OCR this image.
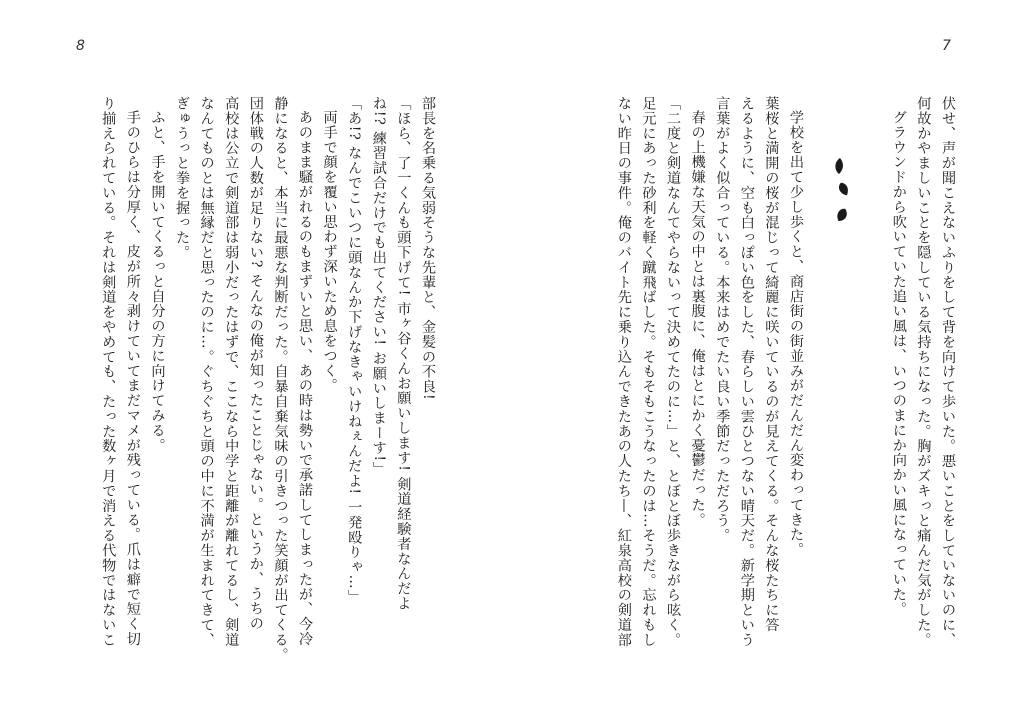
8	7

伏せ、声が聞こえないふりをして背を向けて歩いた。悪いことをしていないのに、

何故かやましいことを隠している気持ちになった。胸がズキっと痛んだ気がした。

グラウンドから吹いていた追い風は、いつのまにか向かい風になっていた。

学校を出て少し歩くと、商店街の街並みがだんだん変わってきた。

葉桜と満開の桜が混じって綺麗に咲いているのが見えてくる。そんな桜たちに答

えるように、空も白っぽい色をした、春らしい雲ひとつない晴天だ。新学期という

言葉がよく似合っている。本来はめでたい良い季節だっただろう。

春の上機嫌な天気の中とは裏腹に、俺はとにかく憂鬱だった。

「二度と剣道なんてやらないって決めてたのに…」と、とぼとぼ歩きながら呟く。

足元にあった砂利を軽く蹴飛ばした。そもそもこうなったのは…そうだ。忘れもし

ない昨日の事件。俺のバイト先に乗り込んできたあの人たち—、紅泉高校の剣道部

部長を名乗る気弱そうな先輩と、金髪の不良!

「ほら、了一くんも頭下げて! 市ヶ谷くんお願いします! 剣道経験者なんだよ

ね!? 練習試合だけでも出てください! お願いしまーす!」

「あ!? なんでこいつに頭なんか下げなきゃいけねぇんだよ! 一発殴りゃ…」

両手で顔を覆い思わず深いため息をつく。

あのまま騒がれるのもまずいと思い、あの時は勢いで承諾してしまったが、今冷

静になると、本当に最悪な判断だった。自暴自棄気味の引きつった笑顔が出てくる。

団体戦の人数が足りない? そんなの俺が知ったことじゃない。というか、うちの

高校は公立で剣道部は弱小だったはずで、ここなら中学と距離が離れてるし、剣道

なんてものとは無縁だと思ったのに…。ぐちぐちと頭の中に不満が生まれてきて、

ぎゅうっと拳を握った。

ふと、手を開いてくるっと自分の方に向けてみる。

手のひらは分厚く、皮が所々剥けていてまだマメが残っている。爪は癖で短く切

り揃えられている。それは剣道をやめても、たった数ヶ月で消える代物ではないこ
